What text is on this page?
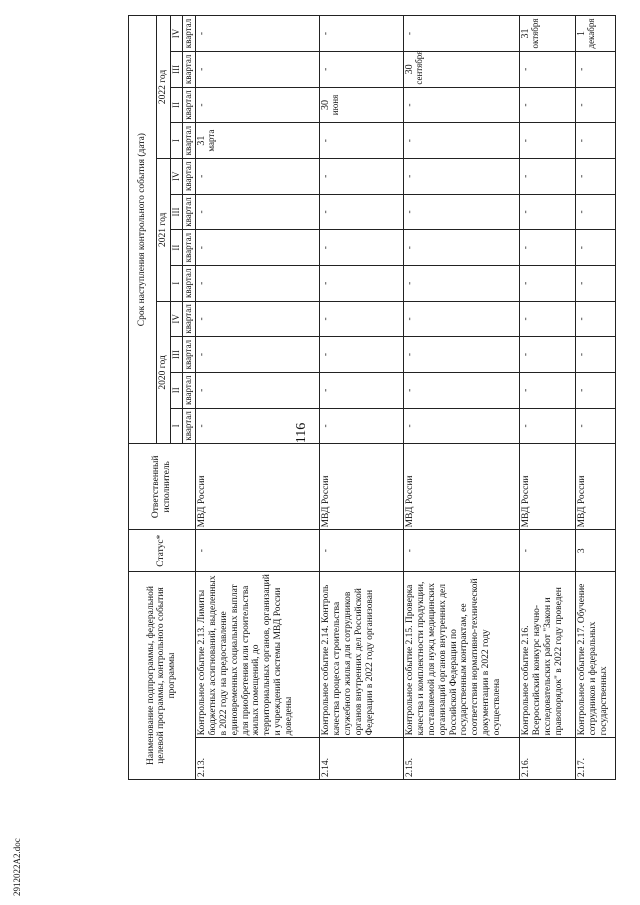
116
2912022A2.doc
Наименование подпрограммы, федеральной целевой программы, контрольного события программы		Статус*	Ответственный исполнитель	Срок наступления контрольного события (дата)											
				2020 год				2021 год				2022 год			
				I	II	III	IV	I	II	III	IV	I	II	III	IV
				квартал	квартал	квартал	квартал	квартал	квартал	квартал	квартал	квартал	квартал	квартал	квартал
2.13.	Контрольное событие 2.13. Лимиты бюджетных ассигнований, выделенных в 2022 году на предоставление единовременных социальных выплат для приобретения или строительства жилых помещений, до территориальных органов, организаций и учреждений системы МВД России доведены	-	МВД России	-	-	-	-	-	-	-	-	31 марта	-	-	-
2.14.	Контрольное событие 2.14. Контроль качества процесса строительства служебного жилья для сотрудников органов внутренних дел Российской Федерации в 2022 году организован	-	МВД России	-	-	-	-	-	-	-	-	-	30 июня	-	-
2.15.	Контрольное событие 2.15. Проверка качества и комплектности продукции, поставляемой для нужд медицинских организаций органов внутренних дел Российской Федерации по государственным контрактам, ее соответствия нормативно-технической документации в 2022 году осуществлена	-	МВД России	-	-	-	-	-	-	-	-	-	-	30 сентября	-
2.16.	Контрольное событие 2.16. Всероссийский конкурс научно-исследовательских работ "Закон и правопорядок" в 2022 году проведен	-	МВД России	-	-	-	-	-	-	-	-	-	-	-	31 октября

2.17.	Контрольное событие 2.17. Обучение сотрудников и федеральных государственных	3	МВД России	-	-	-	-	-	-	-	-	-	-	-	1 декабря
